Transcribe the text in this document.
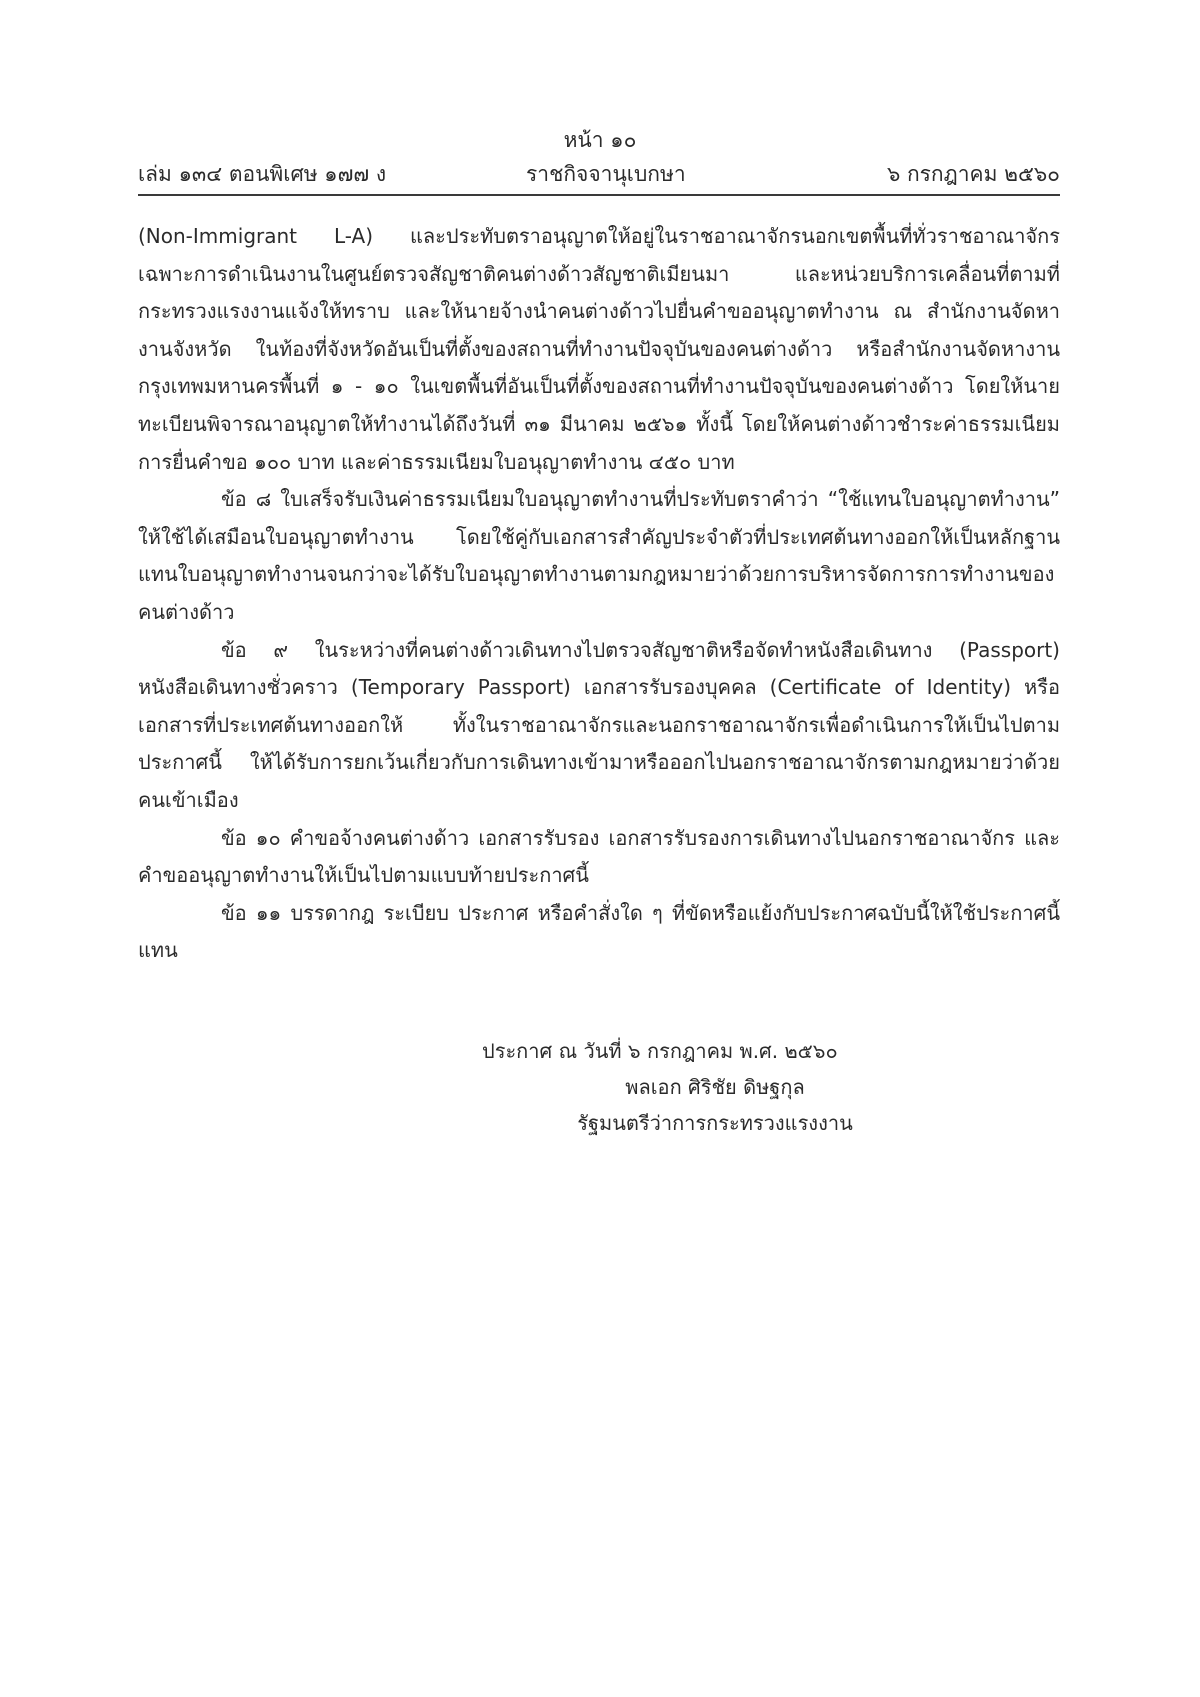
หน้า ๑๐
เล่ม ๑๓๔ ตอนพิเศษ ๑๗๗ ง	ราชกิจจานุเบกษา	๖ กรกฎาคม ๒๕๖๐

(Non-Immigrant L-A) และประทับตราอนุญาตให้อยู่ในราชอาณาจักรนอกเขตพื้นที่ทั่วราชอาณาจักร เฉพาะการดำเนินงานในศูนย์ตรวจสัญชาติคนต่างด้าวสัญชาติเมียนมา และหน่วยบริการเคลื่อนที่ตามที่กระทรวงแรงงานแจ้งให้ทราบ และให้นายจ้างนำคนต่างด้าวไปยื่นคำขออนุญาตทำงาน ณ สำนักงานจัดหางานจังหวัด ในท้องที่จังหวัดอันเป็นที่ตั้งของสถานที่ทำงานปัจจุบันของคนต่างด้าว หรือสำนักงานจัดหางานกรุงเทพมหานครพื้นที่ ๑ - ๑๐ ในเขตพื้นที่อันเป็นที่ตั้งของสถานที่ทำงานปัจจุบันของคนต่างด้าว โดยให้นายทะเบียนพิจารณาอนุญาตให้ทำงานได้ถึงวันที่ ๓๑ มีนาคม ๒๕๖๑ ทั้งนี้ โดยให้คนต่างด้าวชำระค่าธรรมเนียมการยื่นคำขอ ๑๐๐ บาท และค่าธรรมเนียมใบอนุญาตทำงาน ๔๕๐ บาท

ข้อ ๘ ใบเสร็จรับเงินค่าธรรมเนียมใบอนุญาตทำงานที่ประทับตราคำว่า “ใช้แทนใบอนุญาตทำงาน” ให้ใช้ได้เสมือนใบอนุญาตทำงาน โดยใช้คู่กับเอกสารสำคัญประจำตัวที่ประเทศต้นทางออกให้เป็นหลักฐานแทนใบอนุญาตทำงานจนกว่าจะได้รับใบอนุญาตทำงานตามกฎหมายว่าด้วยการบริหารจัดการการทำงานของคนต่างด้าว

ข้อ ๙ ในระหว่างที่คนต่างด้าวเดินทางไปตรวจสัญชาติหรือจัดทำหนังสือเดินทาง (Passport) หนังสือเดินทางชั่วคราว (Temporary Passport) เอกสารรับรองบุคคล (Certificate of Identity) หรือเอกสารที่ประเทศต้นทางออกให้ ทั้งในราชอาณาจักรและนอกราชอาณาจักรเพื่อดำเนินการให้เป็นไปตามประกาศนี้ ให้ได้รับการยกเว้นเกี่ยวกับการเดินทางเข้ามาหรือออกไปนอกราชอาณาจักรตามกฎหมายว่าด้วยคนเข้าเมือง

ข้อ ๑๐ คำขอจ้างคนต่างด้าว เอกสารรับรอง เอกสารรับรองการเดินทางไปนอกราชอาณาจักร และคำขออนุญาตทำงานให้เป็นไปตามแบบท้ายประกาศนี้

ข้อ ๑๑ บรรดากฎ ระเบียบ ประกาศ หรือคำสั่งใด ๆ ที่ขัดหรือแย้งกับประกาศฉบับนี้ให้ใช้ประกาศนี้แทน

ประกาศ ณ วันที่ ๖ กรกฎาคม พ.ศ. ๒๕๖๐
พลเอก ศิริชัย ดิษฐกุล
รัฐมนตรีว่าการกระทรวงแรงงาน
